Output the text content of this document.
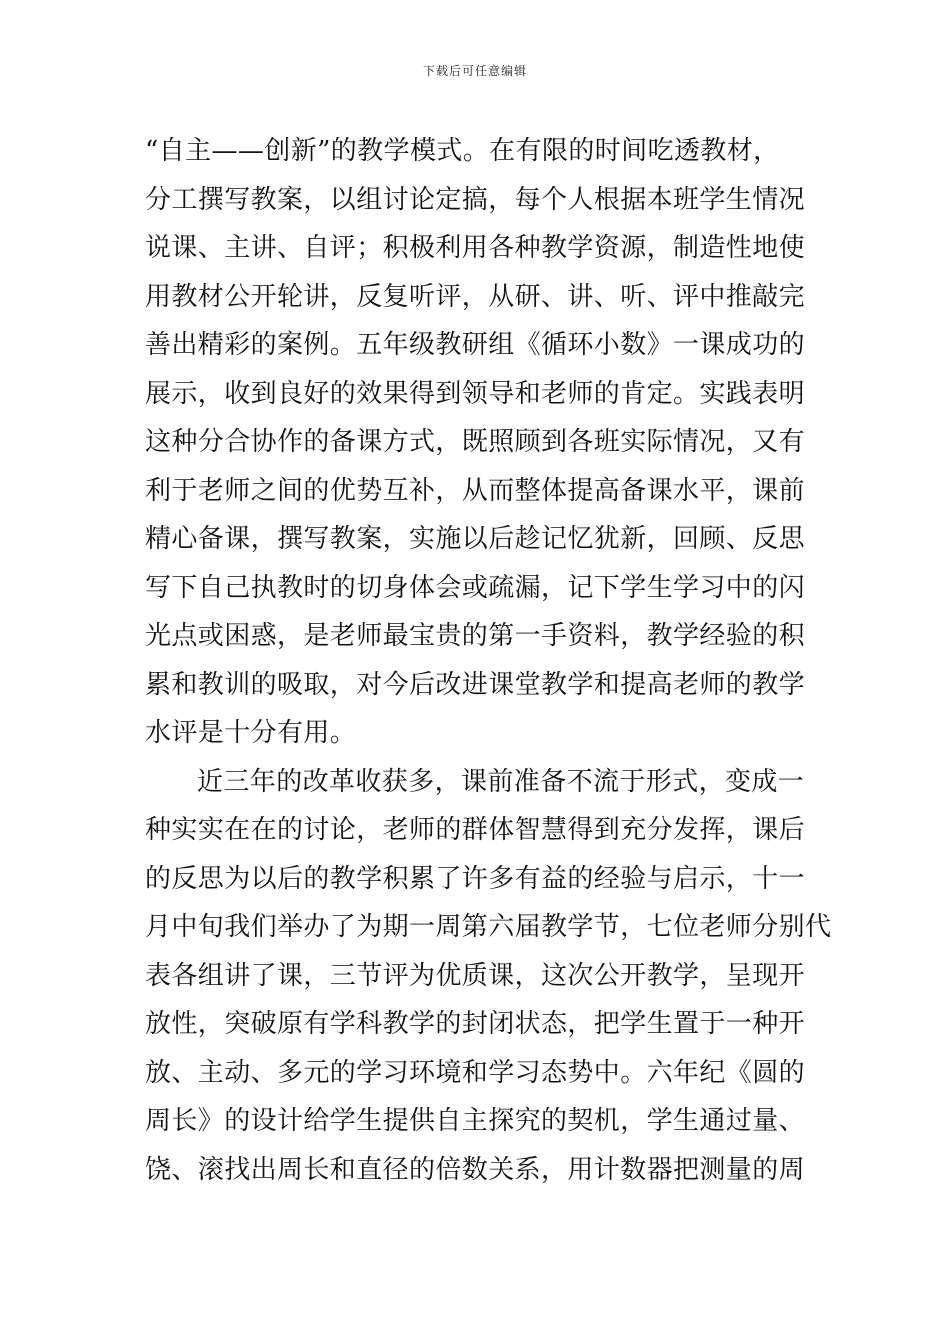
下载后可任意编辑
“自主——创新”的教学模式。在有限的时间吃透教材，
分工撰写教案，以组讨论定搞，每个人根据本班学生情况
说课、主讲、自评；积极利用各种教学资源，制造性地使
用教材公开轮讲，反复听评，从研、讲、听、评中推敲完
善出精彩的案例。五年级教研组《循环小数》一课成功的
展示，收到良好的效果得到领导和老师的肯定。实践表明
这种分合协作的备课方式，既照顾到各班实际情况，又有
利于老师之间的优势互补，从而整体提高备课水平，课前
精心备课，撰写教案，实施以后趁记忆犹新，回顾、反思
写下自己执教时的切身体会或疏漏，记下学生学习中的闪
光点或困惑，是老师最宝贵的第一手资料，教学经验的积
累和教训的吸取，对今后改进课堂教学和提高老师的教学
水评是十分有用。
近三年的改革收获多，课前准备不流于形式，变成一
种实实在在的讨论，老师的群体智慧得到充分发挥，课后
的反思为以后的教学积累了许多有益的经验与启示，十一
月中旬我们举办了为期一周第六届教学节，七位老师分别代
表各组讲了课，三节评为优质课，这次公开教学，呈现开
放性，突破原有学科教学的封闭状态，把学生置于一种开
放、主动、多元的学习环境和学习态势中。六年纪《圆的
周长》的设计给学生提供自主探究的契机，学生通过量、
饶、滚找出周长和直径的倍数关系，用计数器把测量的周
